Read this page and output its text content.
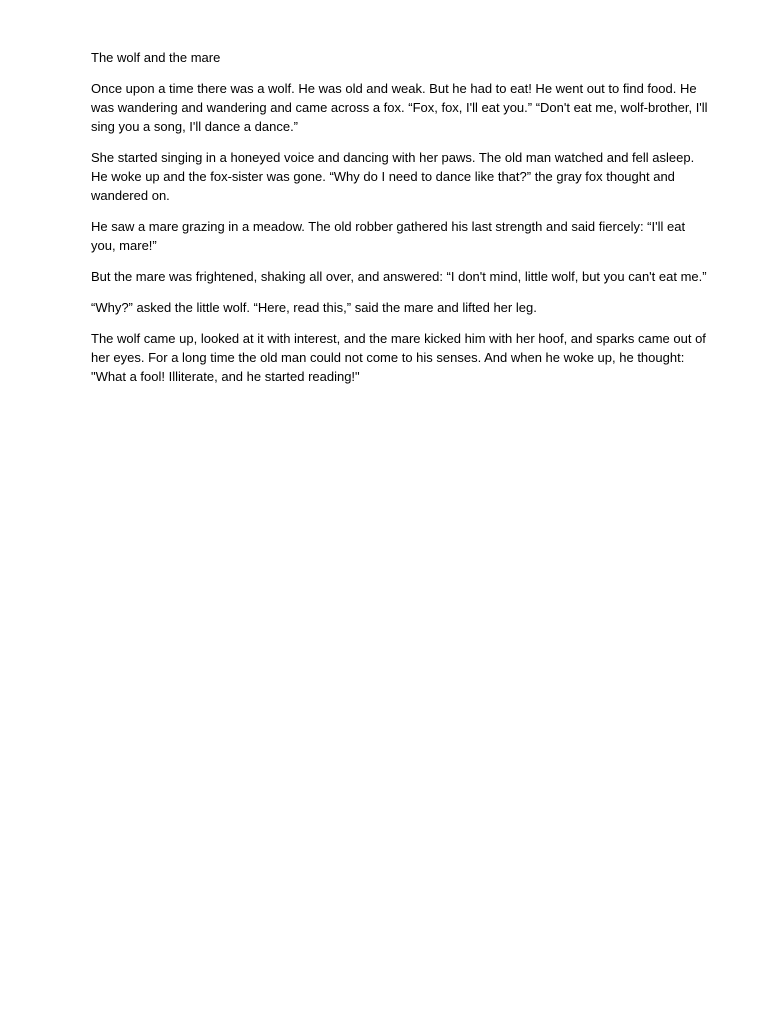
The wolf and the mare

Once upon a time there was a wolf. He was old and weak. But he had to eat! He went out to find food. He was wandering and wandering and came across a fox. “Fox, fox, I'll eat you.” “Don't eat me, wolf-brother, I'll sing you a song, I'll dance a dance.”

She started singing in a honeyed voice and dancing with her paws. The old man watched and fell asleep. He woke up and the fox-sister was gone. “Why do I need to dance like that?” the gray fox thought and wandered on.

He saw a mare grazing in a meadow. The old robber gathered his last strength and said fiercely: “I'll eat you, mare!”

But the mare was frightened, shaking all over, and answered: “I don't mind, little wolf, but you can't eat me.”

“Why?” asked the little wolf. “Here, read this,” said the mare and lifted her leg.

The wolf came up, looked at it with interest, and the mare kicked him with her hoof, and sparks came out of her eyes. For a long time the old man could not come to his senses. And when he woke up, he thought: "What a fool! Illiterate, and he started reading!"
